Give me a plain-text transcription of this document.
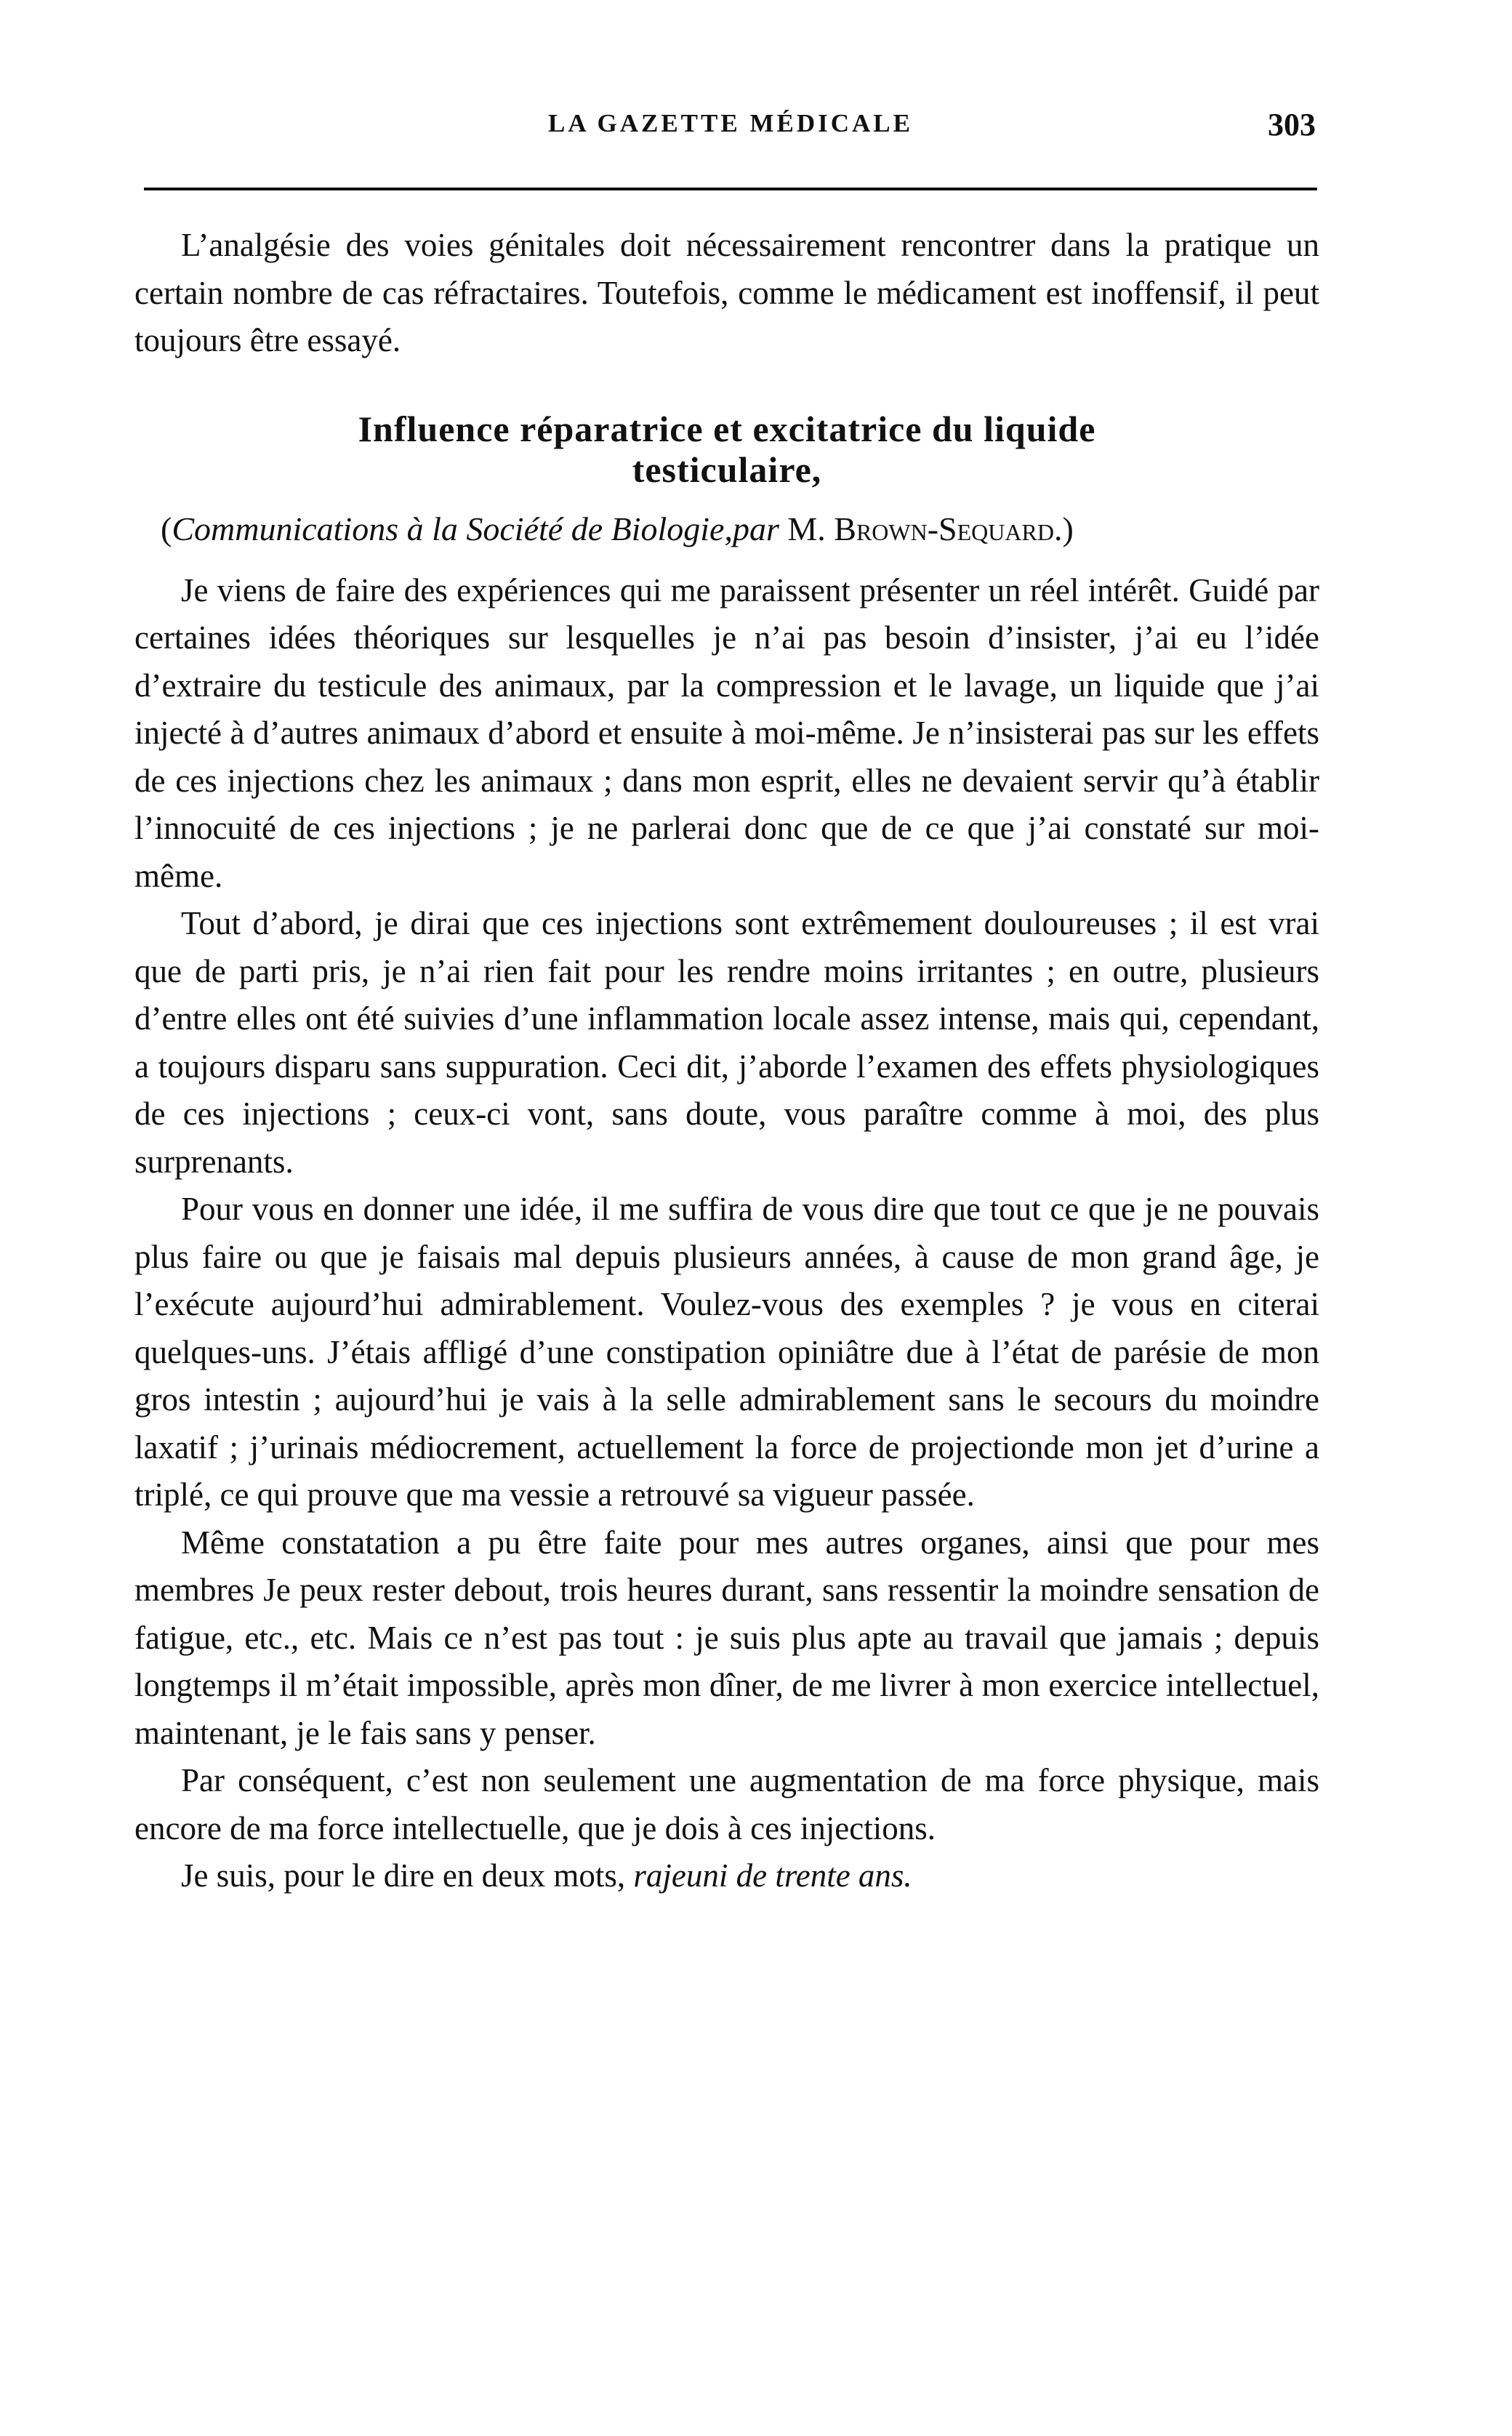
LA GAZETTE MÉDICALE	303

L’analgésie des voies génitales doit nécessairement rencontrer dans la pratique un certain nombre de cas réfractaires. Toutefois, comme le médicament est inoffensif, il peut toujours être essayé.

Influence réparatrice et excitatrice du liquide
testiculaire,
(Communications à la Société de Biologie,par M. Brown-Sequard.)

Je viens de faire des expériences qui me paraissent présenter un réel intérêt. Guidé par certaines idées théoriques sur lesquelles je n’ai pas besoin d’insister, j’ai eu l’idée d’extraire du testicule des animaux, par la compression et le lavage, un liquide que j’ai injecté à d’autres animaux d’abord et ensuite à moi-même. Je n’insisterai pas sur les effets de ces injections chez les animaux ; dans mon esprit, elles ne devaient servir qu’à établir l’innocuité de ces injections ; je ne parlerai donc que de ce que j’ai constaté sur moi-même.

Tout d’abord, je dirai que ces injections sont extrêmement douloureuses ; il est vrai que de parti pris, je n’ai rien fait pour les rendre moins irritantes ; en outre, plusieurs d’entre elles ont été suivies d’une inflammation locale assez intense, mais qui, cependant, a toujours disparu sans suppuration. Ceci dit, j’aborde l’examen des effets physiologiques de ces injections ; ceux-ci vont, sans doute, vous paraître comme à moi, des plus surprenants.

Pour vous en donner une idée, il me suffira de vous dire que tout ce que je ne pouvais plus faire ou que je faisais mal depuis plusieurs années, à cause de mon grand âge, je l’exécute aujourd’hui admirablement. Voulez-vous des exemples ? je vous en citerai quelques-uns. J’étais affligé d’une constipation opiniâtre due à l’état de parésie de mon gros intestin ; aujourd’hui je vais à la selle admirablement sans le secours du moindre laxatif ; j’urinais médiocrement, actuellement la force de projectionde mon jet d’urine a triplé, ce qui prouve que ma vessie a retrouvé sa vigueur passée.

Même constatation a pu être faite pour mes autres organes, ainsi que pour mes membres Je peux rester debout, trois heures durant, sans ressentir la moindre sensation de fatigue, etc., etc. Mais ce n’est pas tout : je suis plus apte au travail que jamais ; depuis longtemps il m’était impossible, après mon dîner, de me livrer à mon exercice intellectuel, maintenant, je le fais sans y penser.

Par conséquent, c’est non seulement une augmentation de ma force physique, mais encore de ma force intellectuelle, que je dois à ces injections.

Je suis, pour le dire en deux mots, rajeuni de trente ans.
